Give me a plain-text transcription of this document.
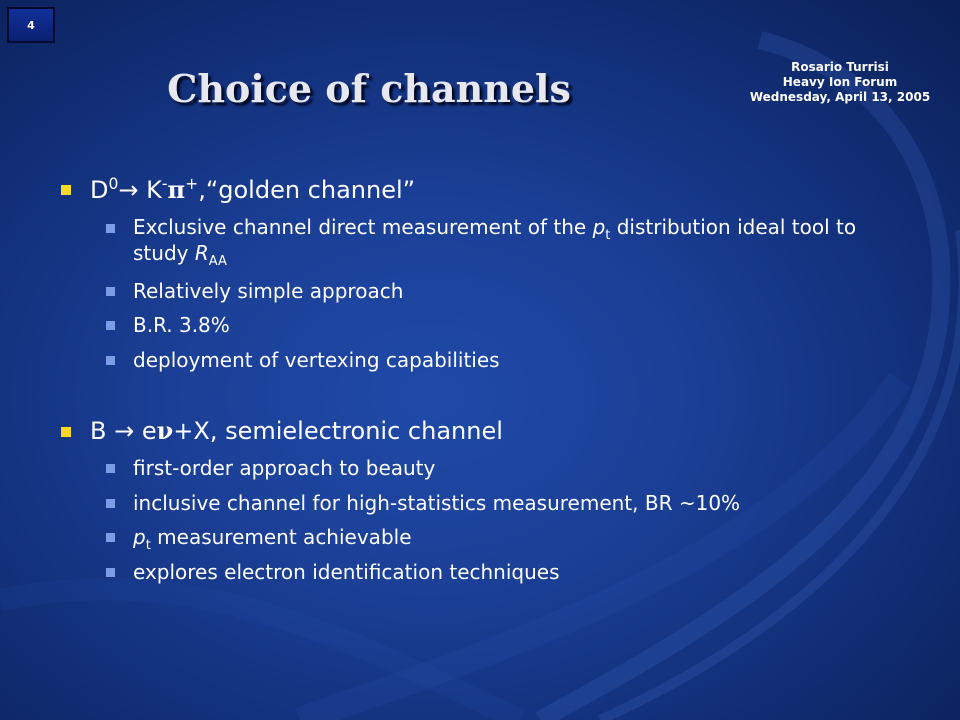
4
Rosario Turrisi
Heavy Ion Forum
Wednesday, April 13, 2005
Choice of channels
$D^0\to$ K-π+,“golden channel”
Exclusive channel direct measurement of the $p_t$ distribution ideal tool to study $R_{AA}$
Relatively simple approach
B.R. 3.8%
deployment of vertexing capabilities
B → eν+X, semielectronic channel
first-order approach to beauty
inclusive channel for high-statistics measurement, BR ~10%
$p_t$ measurement achievable
explores electron identification techniques
